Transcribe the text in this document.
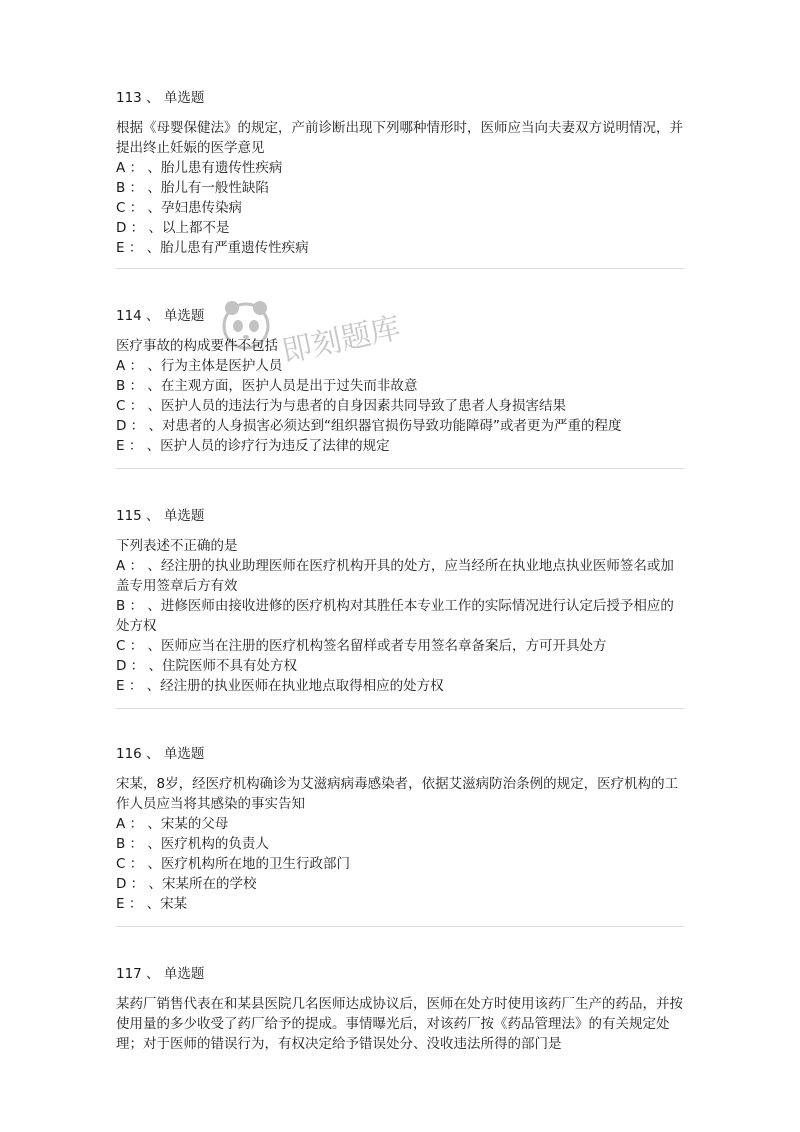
即刻题库
113 、 单选题
根据《母婴保健法》的规定，产前诊断出现下列哪种情形时，医师应当向夫妻双方说明情况，并提出终止妊娠的医学意见
A ： 、胎儿患有遗传性疾病
B ： 、胎儿有一般性缺陷
C ： 、孕妇患传染病
D ： 、以上都不是
E ： 、胎儿患有严重遗传性疾病
114 、 单选题
医疗事故的构成要件不包括
A ： 、行为主体是医护人员
B ： 、在主观方面，医护人员是出于过失而非故意
C ： 、医护人员的违法行为与患者的自身因素共同导致了患者人身损害结果
D ： 、对患者的人身损害必须达到“组织器官损伤导致功能障碍”或者更为严重的程度
E ： 、医护人员的诊疗行为违反了法律的规定
115 、 单选题
下列表述不正确的是
A ： 、经注册的执业助理医师在医疗机构开具的处方，应当经所在执业地点执业医师签名或加盖专用签章后方有效
B ： 、进修医师由接收进修的医疗机构对其胜任本专业工作的实际情况进行认定后授予相应的处方权
C ： 、医师应当在注册的医疗机构签名留样或者专用签名章备案后，方可开具处方
D ： 、住院医师不具有处方权
E ： 、经注册的执业医师在执业地点取得相应的处方权
116 、 单选题
宋某，8岁，经医疗机构确诊为艾滋病病毒感染者，依据艾滋病防治条例的规定，医疗机构的工作人员应当将其感染的事实告知
A ： 、宋某的父母
B ： 、医疗机构的负责人
C ： 、医疗机构所在地的卫生行政部门
D ： 、宋某所在的学校
E ： 、宋某
117 、 单选题
某药厂销售代表在和某县医院几名医师达成协议后，医师在处方时使用该药厂生产的药品，并按使用量的多少收受了药厂给予的提成。事情曝光后，对该药厂按《药品管理法》的有关规定处理；对于医师的错误行为，有权决定给予错误处分、没收违法所得的部门是
